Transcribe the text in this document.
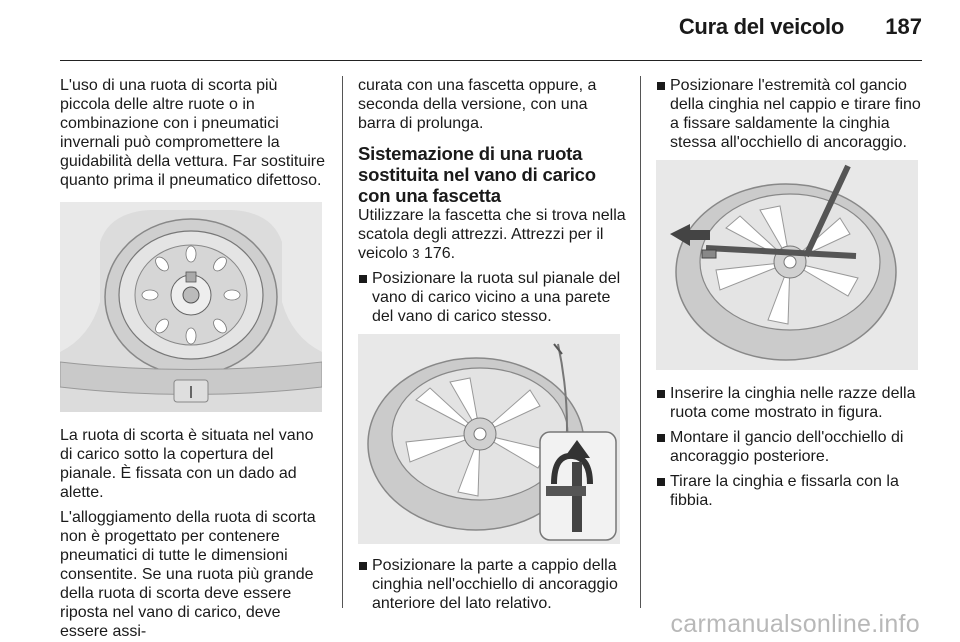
Cura del veicolo 187

L'uso di una ruota di scorta più piccola delle altre ruote o in combinazione con i pneumatici invernali può compromettere la guidabilità della vettura. Far sostituire quanto prima il pneumatico difettoso.

La ruota di scorta è situata nel vano di carico sotto la copertura del pianale. È fissata con un dado ad alette.

L'alloggiamento della ruota di scorta non è progettato per contenere pneumatici di tutte le dimensioni consentite. Se una ruota più grande della ruota di scorta deve essere riposta nel vano di carico, deve essere assi-

curata con una fascetta oppure, a seconda della versione, con una barra di prolunga.

Sistemazione di una ruota sostituita nel vano di carico con una fascetta

Utilizzare la fascetta che si trova nella scatola degli attrezzi. Attrezzi per il veicolo 3 176.

Posizionare la ruota sul pianale del vano di carico vicino a una parete del vano di carico stesso.
Posizionare la parte a cappio della cinghia nell'occhiello di ancoraggio anteriore del lato relativo.
Posizionare l'estremità col gancio della cinghia nel cappio e tirare fino a fissare saldamente la cinghia stessa all'occhiello di ancoraggio.
Inserire la cinghia nelle razze della ruota come mostrato in figura.
Montare il gancio dell'occhiello di ancoraggio posteriore.
Tirare la cinghia e fissarla con la fibbia.
carmanualsonline.info
